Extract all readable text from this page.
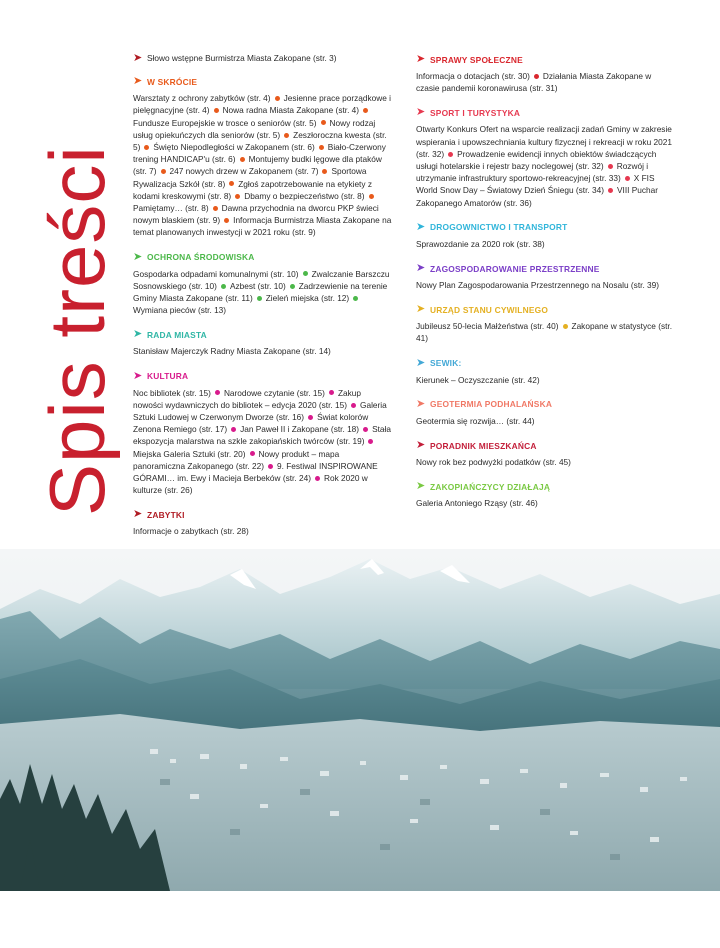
Spis treści
➤ Słowo wstępne Burmistrza Miasta Zakopane (str. 3)
➤ W SKRÓCIE
Warsztaty z ochrony zabytków (str. 4) Jesienne prace porządkowe i pielęgnacyjne (str. 4) Nowa radna Miasta Zakopane (str. 4)Fundusze Europejskie w trosce o seniorów (str. 5) Nowy rodzaj usług opiekuńczych dla seniorów (str. 5) Zeszłoroczna kwesta (str. 5) Święto Niepodległości w Zakopanem (str. 6) Biało-Czerwony trening HANDICAP'u (str. 6) Montujemy budki lęgowe dla ptaków (str. 7) 247 nowych drzew w Zakopanem (str. 7) Sportowa Rywalizacja Szkół (str. 8) Zgłoś zapotrzebowanie na etykiety z kodami kreskowymi (str. 8) Dbamy o bezpieczeństwo (str. 8)Pamiętamy… (str. 8) Dawna przychodnia na dworcu PKP świeci nowym blaskiem (str. 9) Informacja Burmistrza Miasta Zakopane na temat planowanych inwestycji w 2021 roku (str. 9)
➤ OCHRONA ŚRODOWISKA
Gospodarka odpadami komunalnymi (str. 10) Zwalczanie Barszczu Sosnowskiego (str. 10) Azbest (str. 10) Zadrzewienie na terenie Gminy Miasta Zakopane (str. 11) Zieleń miejska (str. 12)Wymiana pieców (str. 13)
➤ RADA MIASTA
Stanisław Majerczyk Radny Miasta Zakopane (str. 14)
➤ KULTURA
Noc bibliotek (str. 15) Narodowe czytanie (str. 15) Zakup nowości wydawniczych do bibliotek – edycja 2020 (str. 15) Galeria Sztuki Ludowej w Czerwonym Dworze (str. 16) Świat kolorów Zenona Remiego (str. 17) Jan Paweł II i Zakopane (str. 18) Stała ekspozycja malarstwa na szkle zakopiańskich twórców (str. 19)Miejska Galeria Sztuki (str. 20) Nowy produkt – mapa panoramiczna Zakopanego (str. 22) 9. Festiwal INSPIROWANE GÓRAMI… im. Ewy i Macieja Berbeków (str. 24) Rok 2020 w kulturze (str. 26)
➤ ZABYTKI
Informacje o zabytkach (str. 28)
➤ SPRAWY SPOŁECZNE
Informacja o dotacjach (str. 30) Działania Miasta Zakopane w czasie pandemii koronawirusa (str. 31)
➤ SPORT I TURYSTYKA
Otwarty Konkurs Ofert na wsparcie realizacji zadań Gminy w zakresie wspierania i upowszechniania kultury fizycznej i rekreacji w roku 2021 (str. 32) Prowadzenie ewidencji innych obiektów świadczących usługi hotelarskie i rejestr bazy noclegowej (str. 32) Rozwój i utrzymanie infrastruktury sportowo-rekreacyjnej (str. 33) X FIS World Snow Day – Światowy Dzień Śniegu (str. 34) VIII Puchar Zakopanego Amatorów (str. 36)
➤ DROGOWNICTWO I TRANSPORT
Sprawozdanie za 2020 rok (str. 38)
➤ ZAGOSPODAROWANIE PRZESTRZENNE
Nowy Plan Zagospodarowania Przestrzennego na Nosalu (str. 39)
➤ URZĄD STANU CYWILNEGO
Jubileusz 50-lecia Małżeństwa (str. 40) Zakopane w statystyce (str. 41)
➤ SEWIK:
Kierunek – Oczyszczanie (str. 42)
➤ GEOTERMIA PODHALAŃSKA
Geotermia się rozwija… (str. 44)
➤ PORADNIK MIESZKAŃCA
Nowy rok bez podwyżki podatków (str. 45)
➤ ZAKOPIAŃCZYCY DZIAŁAJĄ
Galeria Antoniego Rząsy (str. 46)
